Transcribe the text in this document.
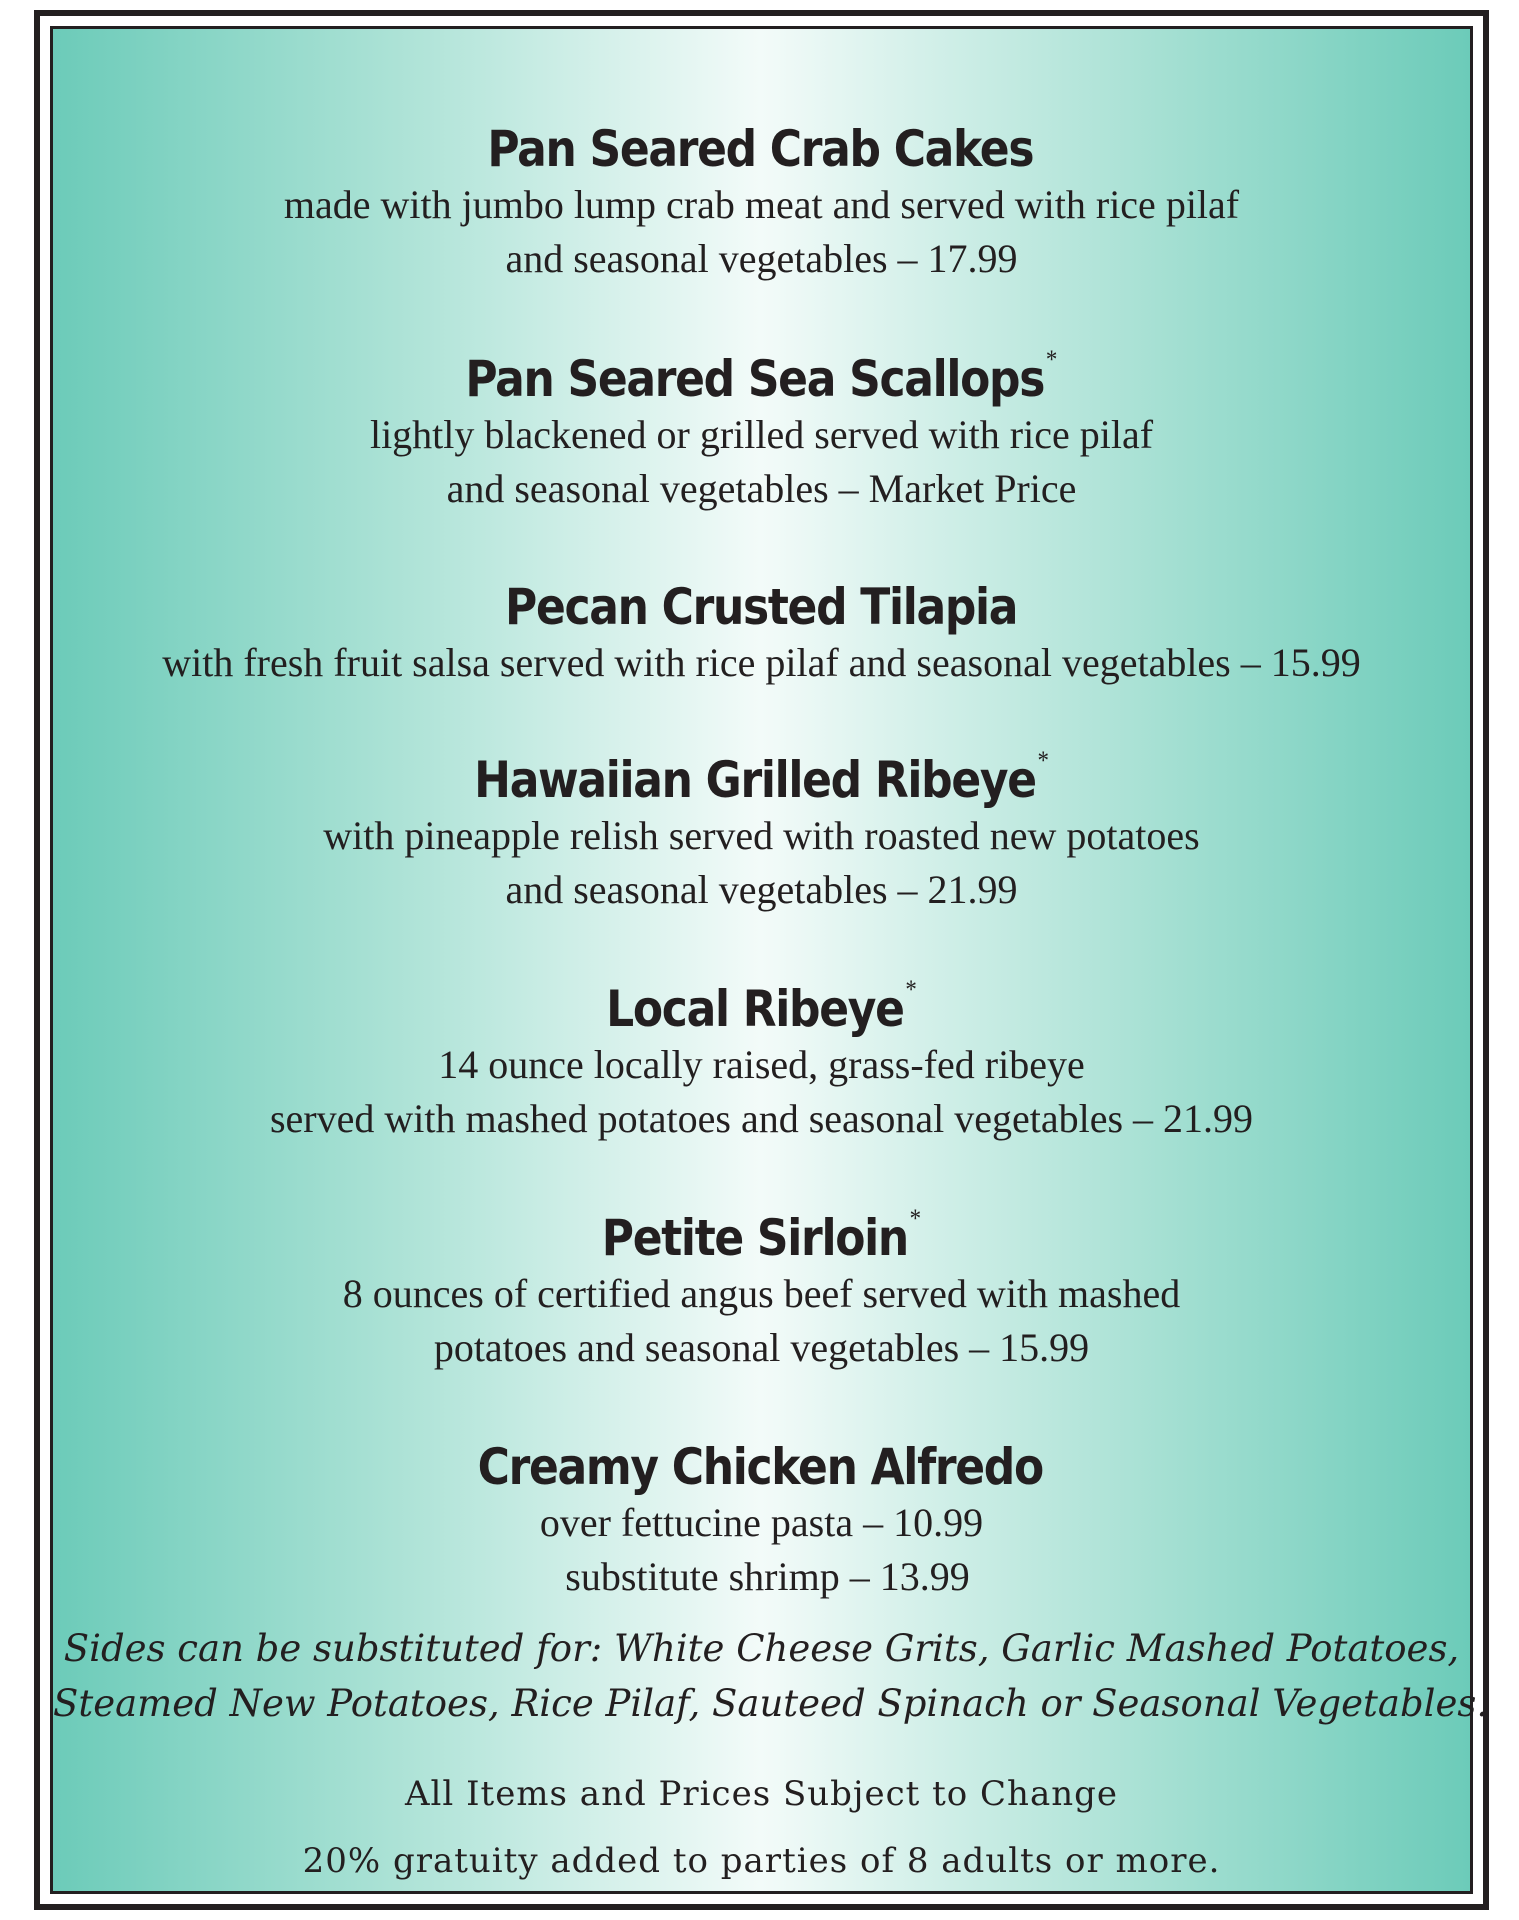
Pan Seared Crab Cakes
made with jumbo lump crab meat and served with rice pilaf
and seasonal vegetables – 17.99
Pan Seared Sea Scallops*
lightly blackened or grilled served with rice pilaf
and seasonal vegetables – Market Price
Pecan Crusted Tilapia
with fresh fruit salsa served with rice pilaf and seasonal vegetables – 15.99
Hawaiian Grilled Ribeye*
with pineapple relish served with roasted new potatoes
and seasonal vegetables – 21.99
Local Ribeye*
14 ounce locally raised, grass-fed ribeye
served with mashed potatoes and seasonal vegetables – 21.99
Petite Sirloin*
8 ounces of certified angus beef served with mashed
potatoes and seasonal vegetables – 15.99
Creamy Chicken Alfredo
over fettucine pasta – 10.99
substitute shrimp – 13.99
Sides can be substituted for: White Cheese Grits, Garlic Mashed Potatoes,
Steamed New Potatoes, Rice Pilaf, Sauteed Spinach or Seasonal Vegetables.
All Items and Prices Subject to Change
20% gratuity added to parties of 8 adults or more.
